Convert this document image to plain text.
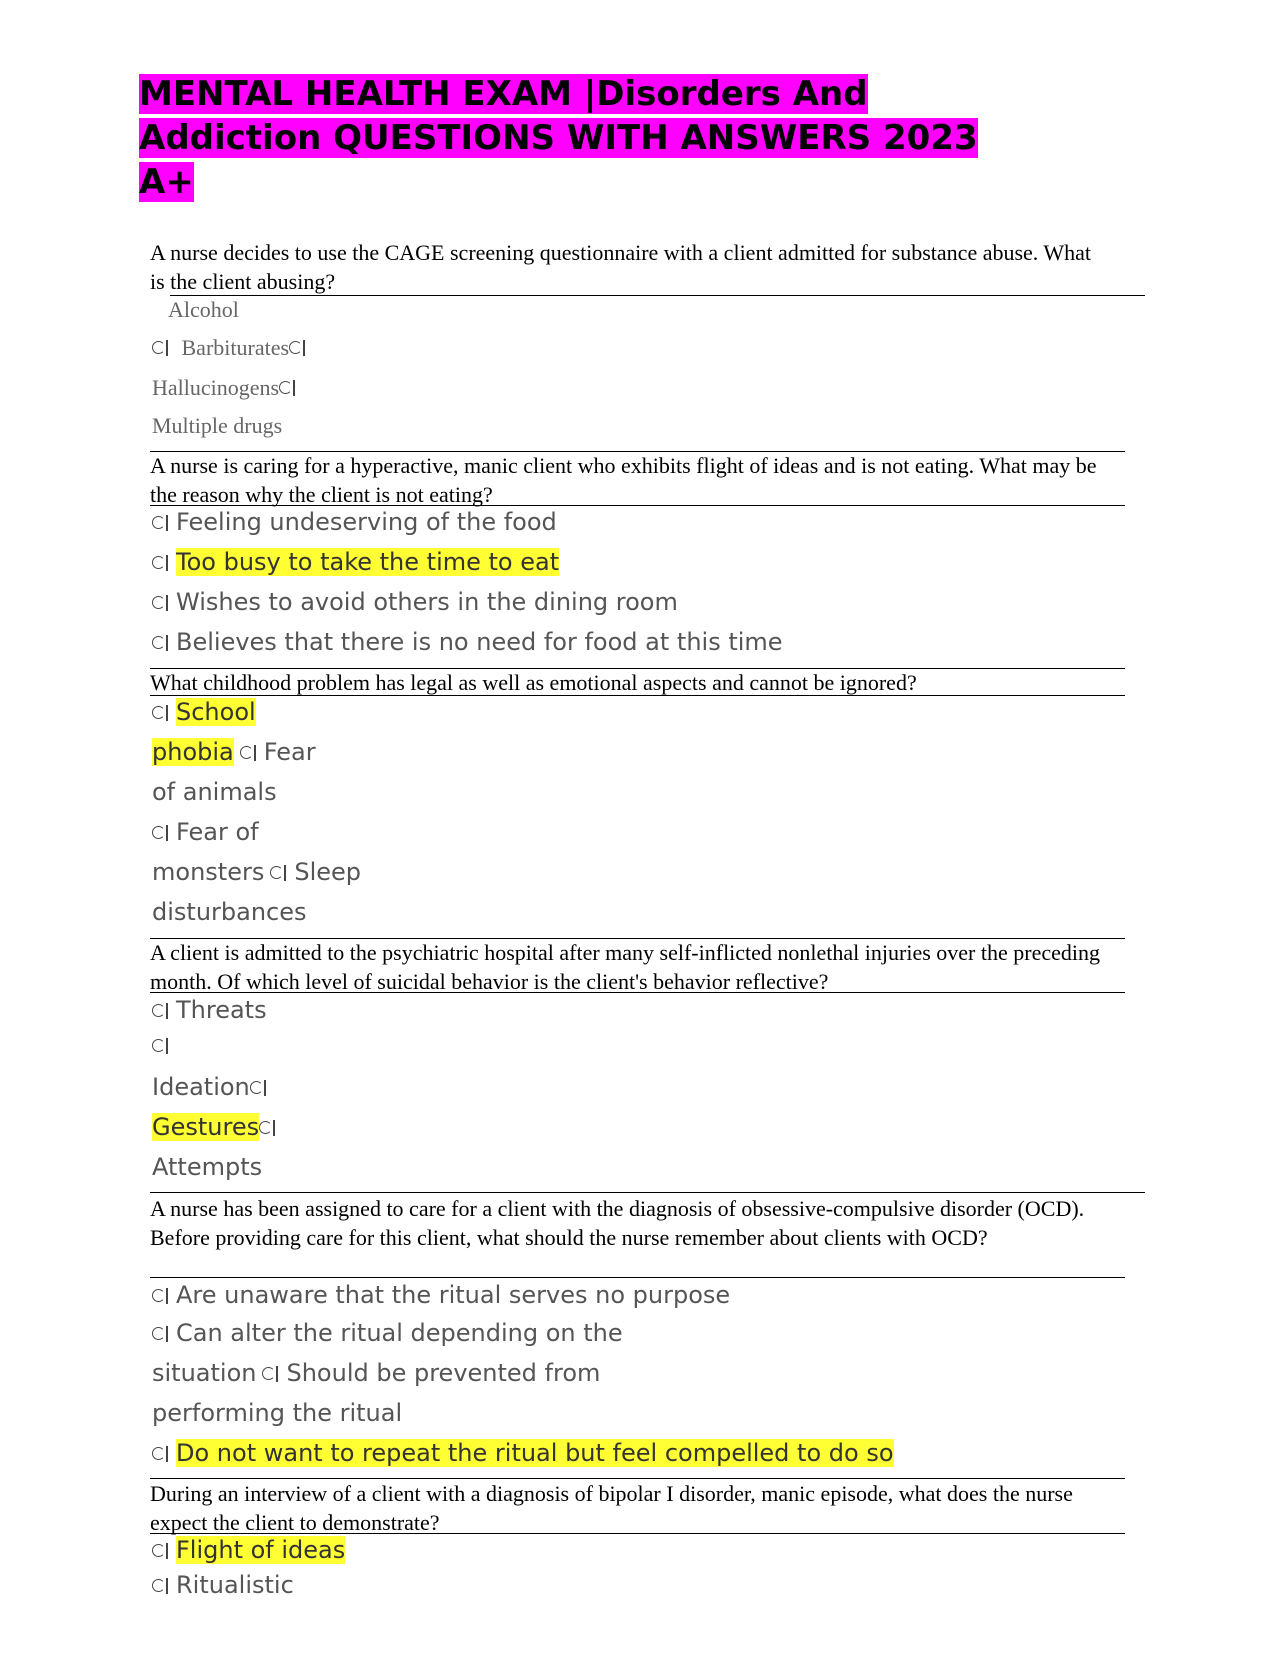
MENTAL HEALTH EXAM |Disorders And
Addiction QUESTIONS WITH ANSWERS 2023
A+
A nurse decides to use the CAGE screening questionnaire with a client admitted for substance abuse. What is the client abusing?
Alcohol
Barbiturates
Hallucinogens
Multiple drugs
A nurse is caring for a hyperactive, manic client who exhibits flight of ideas and is not eating. What may be the reason why the client is not eating?
Feeling undeserving of the food
Too busy to take the time to eat
Wishes to avoid others in the dining room
Believes that there is no need for food at this time
What childhood problem has legal as well as emotional aspects and cannot be ignored?
School
phobia Fear
of animals
Fear of
monsters Sleep
disturbances
A client is admitted to the psychiatric hospital after many self-inflicted nonlethal injuries over the preceding month. Of which level of suicidal behavior is the client's behavior reflective?
Threats
Ideation
Gestures
Attempts
A nurse has been assigned to care for a client with the diagnosis of obsessive-compulsive disorder (OCD). Before providing care for this client, what should the nurse remember about clients with OCD?
Are unaware that the ritual serves no purpose
Can alter the ritual depending on the
situation Should be prevented from
performing the ritual
Do not want to repeat the ritual but feel compelled to do so
During an interview of a client with a diagnosis of bipolar I disorder, manic episode, what does the nurse expect the client to demonstrate?
Flight of ideas
Ritualistic
